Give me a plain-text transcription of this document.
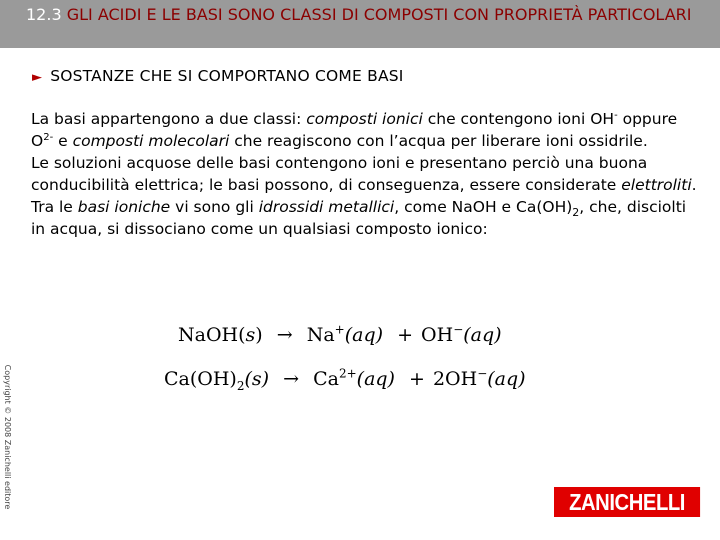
12.3 GLI ACIDI E LE BASI SONO CLASSI DI COMPOSTI CON PROPRIETÀ PARTICOLARI
► SOSTANZE CHE SI COMPORTANO COME BASI

La basi appartengono a due classi: composti ionici che contengono ioni OH- oppure $O^{2-}$ e composti molecolari che reagiscono con l’acqua per liberare ioni ossidrile.

Le soluzioni acquose delle basi contengono ioni e presentano perciò una buona conducibilità elettrica; le basi possono, di conseguenza, essere considerate elettroliti.

Tra le basi ioniche vi sono gli idrossidi metallici, come NaOH e $Ca(OH)_2$, che, disciolti in acqua, si dissociano come un qualsiasi composto ionico:

NaOH(s) → Na+(aq) + OH−(aq)
$Ca(OH)_2(s) \to Ca^{2+}(aq) + 2OH^-(aq)$
Copyright © 2008 Zanichelli editore	ZANICHELLI
